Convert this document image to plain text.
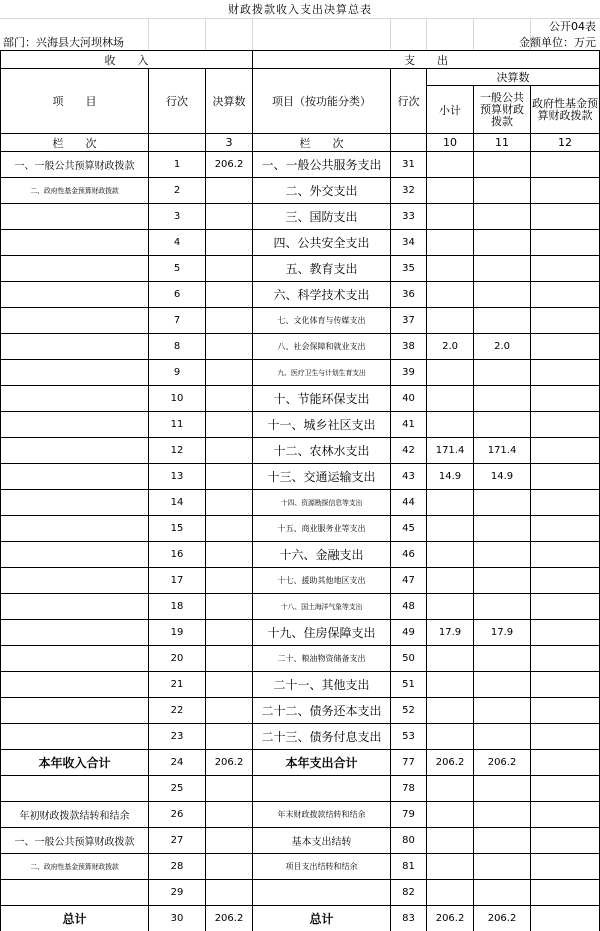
财政拨款收入支出决算总表
公开04表
部门：兴海县大河坝林场	金额单位：万元
收　　入			支　　出				
项　　目	行次	决算数	项目（按功能分类）	行次	决算数		
					小计	一般公共预算财政拨款	政府性基金预算财政拨款
栏　　次		3	栏　　次		10	11	12
一、一般公共预算财政拨款	1	206.2	一、一般公共服务支出	31			
二、政府性基金预算财政拨款	2		二、外交支出	32			
	3		三、国防支出	33			
	4		四、公共安全支出	34			
	5		五、教育支出	35			
	6		六、科学技术支出	36			
	7		七、文化体育与传媒支出	37			
	8		八、社会保障和就业支出	38	2.0	2.0	
	9		九、医疗卫生与计划生育支出	39			
	10		十、节能环保支出	40			
	11		十一、城乡社区支出	41			
	12		十二、农林水支出	42	171.4	171.4	
	13		十三、交通运输支出	43	14.9	14.9	
	14		十四、资源勘探信息等支出	44			
	15		十五、商业服务业等支出	45			
	16		十六、金融支出	46			
	17		十七、援助其他地区支出	47			
	18		十八、国土海洋气象等支出	48			
	19		十九、住房保障支出	49	17.9	17.9	
	20		二十、粮油物资储备支出	50			
	21		二十一、其他支出	51			
	22		二十二、债务还本支出	52			
	23		二十三、债务付息支出	53			
本年收入合计	24	206.2	本年支出合计	77	206.2	206.2	
	25			78			
年初财政拨款结转和结余	26		年末财政拨款结转和结余	79			
一、一般公共预算财政拨款	27		基本支出结转	80			
二、政府性基金预算财政拨款	28		项目支出结转和结余	81			
	29			82			
总计	30	206.2	总计	83	206.2	206.2	
